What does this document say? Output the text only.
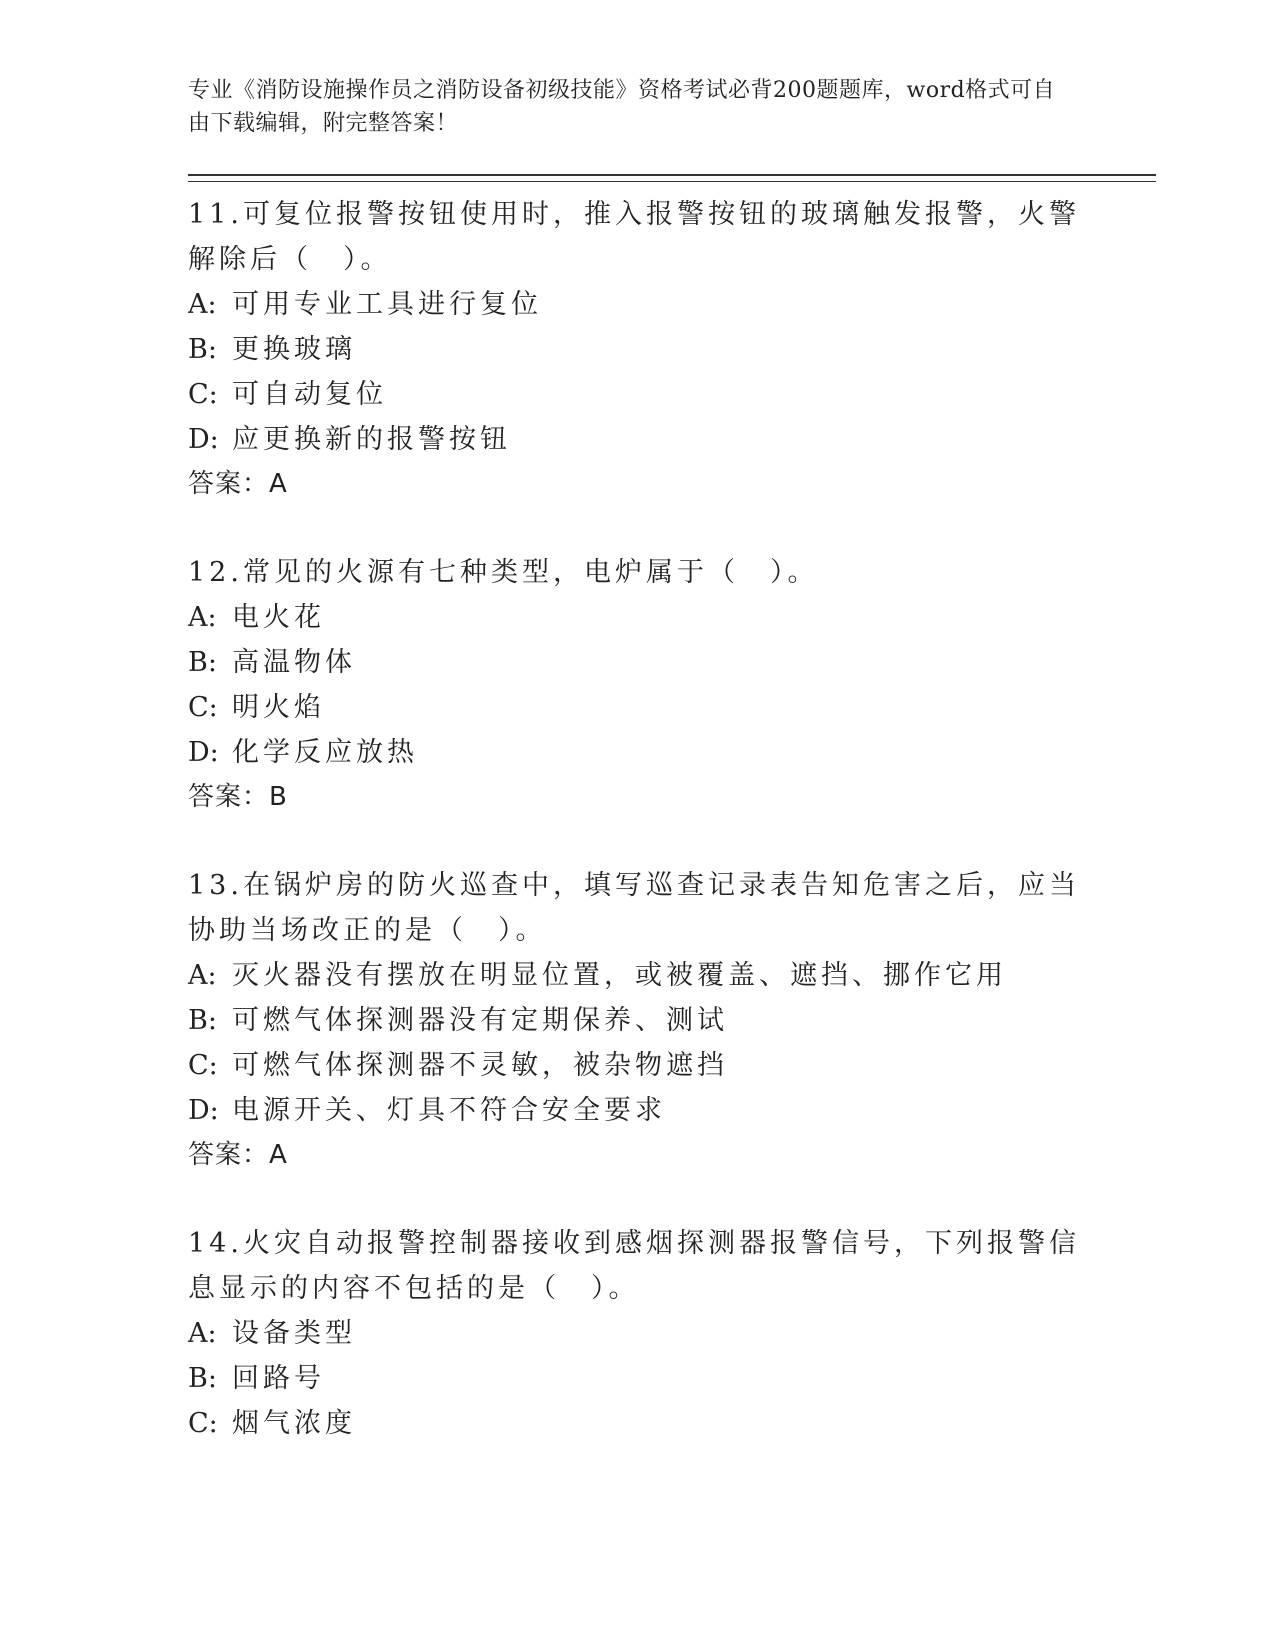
专业《消防设施操作员之消防设备初级技能》资格考试必背200题题库，word格式可自由下载编辑，附完整答案！

11.可复位报警按钮使用时，推入报警按钮的玻璃触发报警，火警解除后（　）。

A: 可用专业工具进行复位

B: 更换玻璃

C: 可自动复位

D: 应更换新的报警按钮

答案：A

12.常见的火源有七种类型，电炉属于（　）。

A: 电火花

B: 高温物体

C: 明火焰

D: 化学反应放热

答案：B

13.在锅炉房的防火巡查中，填写巡查记录表告知危害之后，应当协助当场改正的是（　）。

A: 灭火器没有摆放在明显位置，或被覆盖、遮挡、挪作它用

B: 可燃气体探测器没有定期保养、测试

C: 可燃气体探测器不灵敏，被杂物遮挡

D: 电源开关、灯具不符合安全要求

答案：A

14.火灾自动报警控制器接收到感烟探测器报警信号，下列报警信息显示的内容不包括的是（　）。

A: 设备类型

B: 回路号

C: 烟气浓度
